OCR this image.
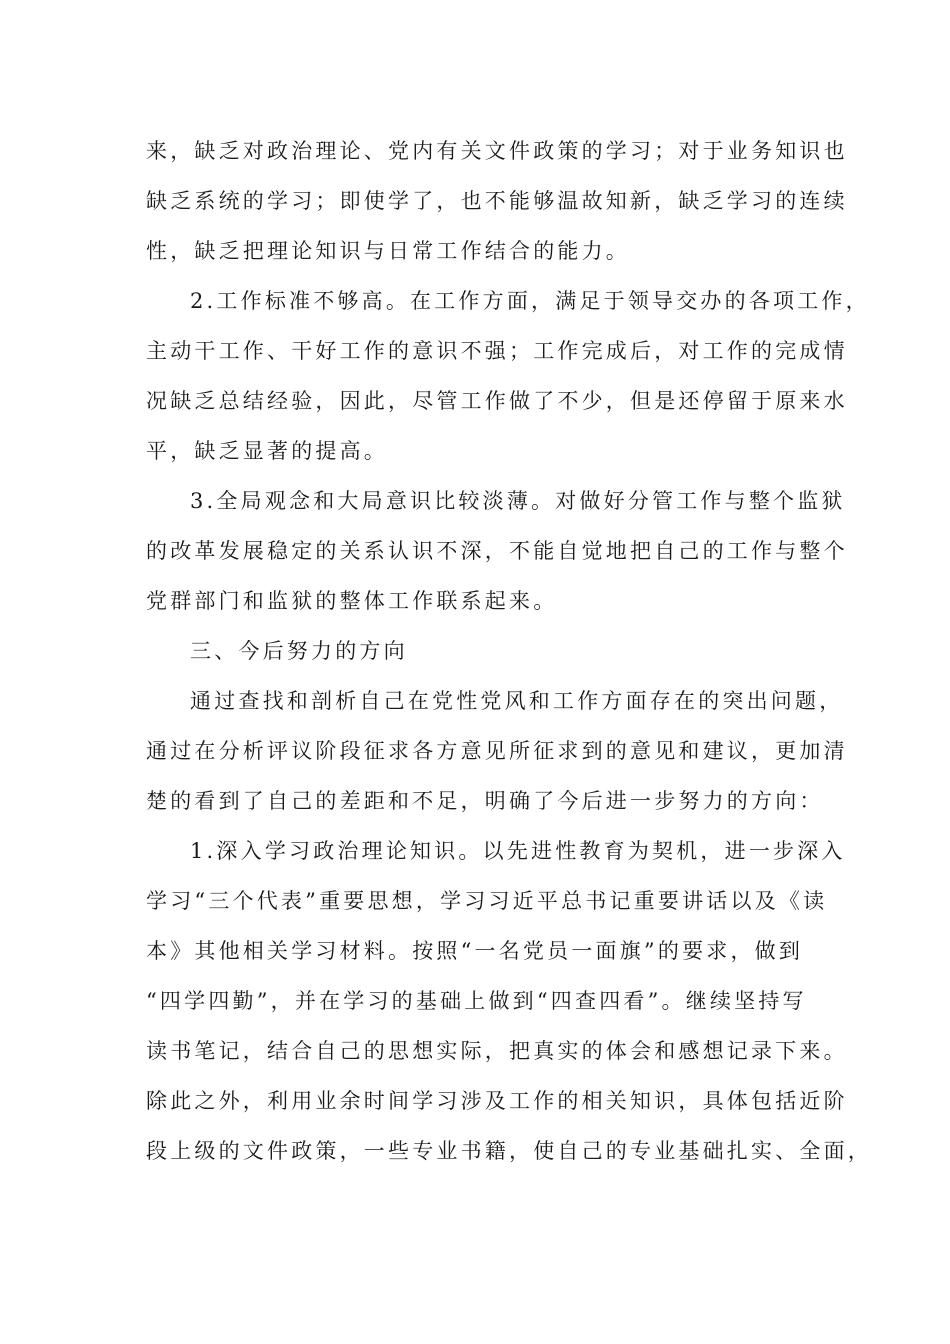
来，缺乏对政治理论、党内有关文件政策的学习；对于业务知识也
缺乏系统的学习；即使学了，也不能够温故知新，缺乏学习的连续
性，缺乏把理论知识与日常工作结合的能力。
2.工作标准不够高。在工作方面，满足于领导交办的各项工作，
主动干工作、干好工作的意识不强；工作完成后，对工作的完成情
况缺乏总结经验，因此，尽管工作做了不少，但是还停留于原来水
平，缺乏显著的提高。
3.全局观念和大局意识比较淡薄。对做好分管工作与整个监狱
的改革发展稳定的关系认识不深，不能自觉地把自己的工作与整个
党群部门和监狱的整体工作联系起来。
三、今后努力的方向
通过查找和剖析自己在党性党风和工作方面存在的突出问题，
通过在分析评议阶段征求各方意见所征求到的意见和建议，更加清
楚的看到了自己的差距和不足，明确了今后进一步努力的方向：
1.深入学习政治理论知识。以先进性教育为契机，进一步深入
学习“三个代表”重要思想，学习习近平总书记重要讲话以及《读
本》其他相关学习材料。按照“一名党员一面旗”的要求，做到
“四学四勤”，并在学习的基础上做到“四查四看”。继续坚持写
读书笔记，结合自己的思想实际，把真实的体会和感想记录下来。
除此之外，利用业余时间学习涉及工作的相关知识，具体包括近阶
段上级的文件政策，一些专业书籍，使自己的专业基础扎实、全面，
